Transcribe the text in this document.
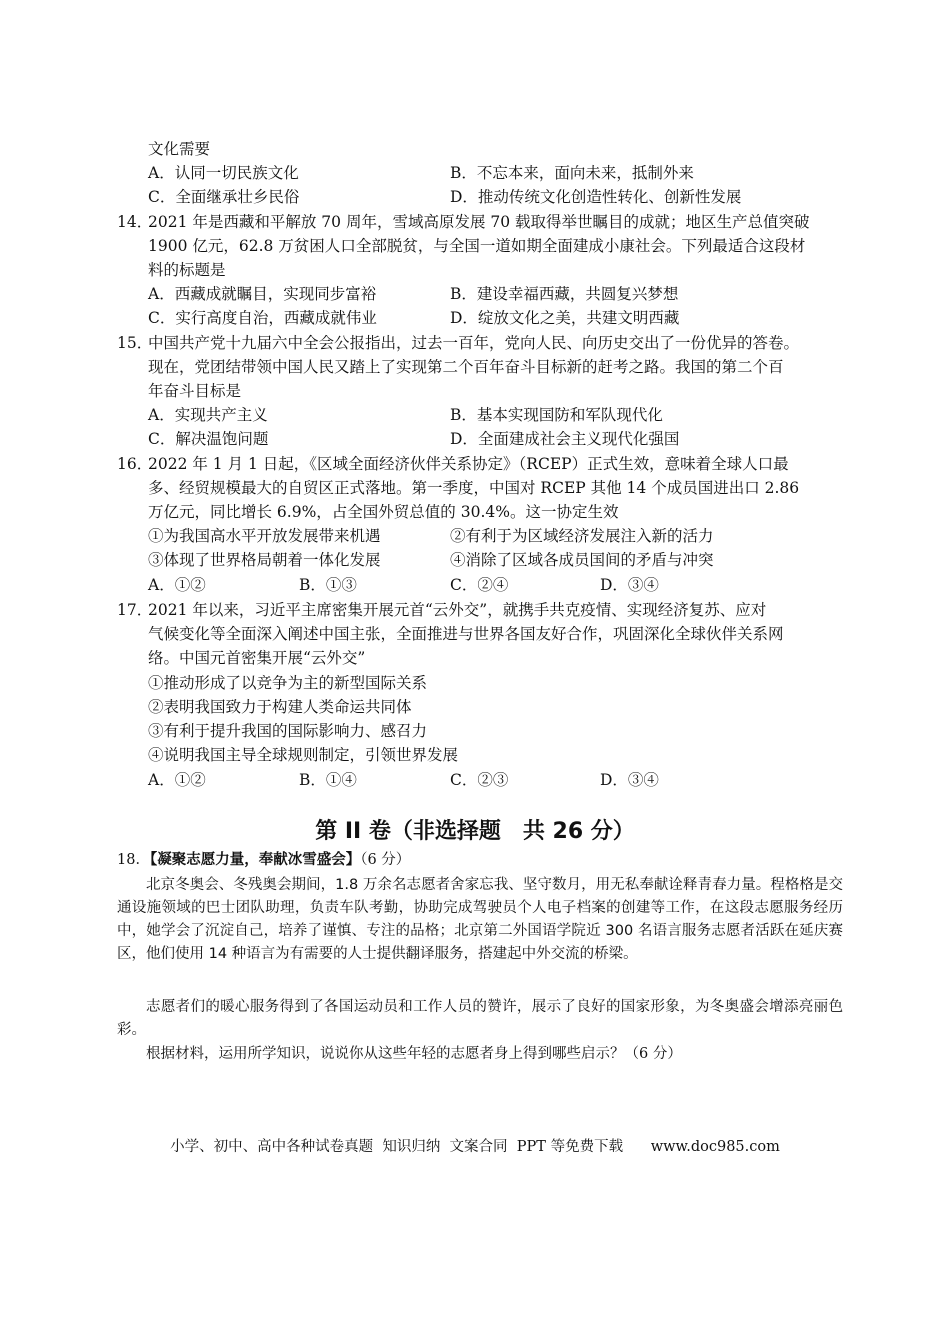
文化需要
A．认同一切民族文化	B．不忘本来，面向未来，抵制外来
C．全面继承壮乡民俗	D．推动传统文化创造性转化、创新性发展
14．
2021 年是西藏和平解放 70 周年，雪域高原发展 70 载取得举世瞩目的成就；地区生产总值突破
1900 亿元，62.8 万贫困人口全部脱贫，与全国一道如期全面建成小康社会。下列最适合这段材
料的标题是
A．西藏成就瞩目，实现同步富裕	B．建设幸福西藏，共圆复兴梦想
C．实行高度自治，西藏成就伟业	D．绽放文化之美，共建文明西藏
15．
中国共产党十九届六中全会公报指出，过去一百年，党向人民、向历史交出了一份优异的答卷。
现在，党团结带领中国人民又踏上了实现第二个百年奋斗目标新的赶考之路。我国的第二个百
年奋斗目标是
A．实现共产主义	B．基本实现国防和军队现代化
C．解决温饱问题	D．全面建成社会主义现代化强国
16．
2022 年 1 月 1 日起，《区域全面经济伙伴关系协定》（RCEP）正式生效，意味着全球人口最
多、经贸规模最大的自贸区正式落地。第一季度，中国对 RCEP 其他 14 个成员国进出口 2.86
万亿元，同比增长 6.9%，占全国外贸总值的 30.4%。这一协定生效
①为我国高水平开放发展带来机遇	②有利于为区域经济发展注入新的活力
③体现了世界格局朝着一体化发展	④消除了区域各成员国间的矛盾与冲突
A．①②	B．①③	C．②④	D．③④
17．
2021 年以来，习近平主席密集开展元首“云外交”，就携手共克疫情、实现经济复苏、应对
气候变化等全面深入阐述中国主张，全面推进与世界各国友好合作，巩固深化全球伙伴关系网
络。中国元首密集开展“云外交”
①推动形成了以竞争为主的新型国际关系
②表明我国致力于构建人类命运共同体
③有利于提升我国的国际影响力、感召力
④说明我国主导全球规则制定，引领世界发展
A．①②	B．①④	C．②③	D．③④
第 II 卷（非选择题　共 26 分）
18．【凝聚志愿力量，奉献冰雪盛会】（6 分）
北京冬奥会、冬残奥会期间，1.8 万余名志愿者舍家忘我、坚守数月，用无私奉献诠释青春力量。程格格是交通设施领域的巴士团队助理，负责车队考勤，协助完成驾驶员个人电子档案的创建等工作，在这段志愿服务经历中，她学会了沉淀自己，培养了谨慎、专注的品格；北京第二外国语学院近 300 名语言服务志愿者活跃在延庆赛区，他们使用 14 种语言为有需要的人士提供翻译服务，搭建起中外交流的桥梁。
志愿者们的暖心服务得到了各国运动员和工作人员的赞许，展示了良好的国家形象，为冬奥盛会增添亮丽色彩。
根据材料，运用所学知识，说说你从这些年轻的志愿者身上得到哪些启示？（6 分）
小学、初中、高中各种试卷真题  知识归纳  文案合同  PPT 等免费下载      www.doc985.com
